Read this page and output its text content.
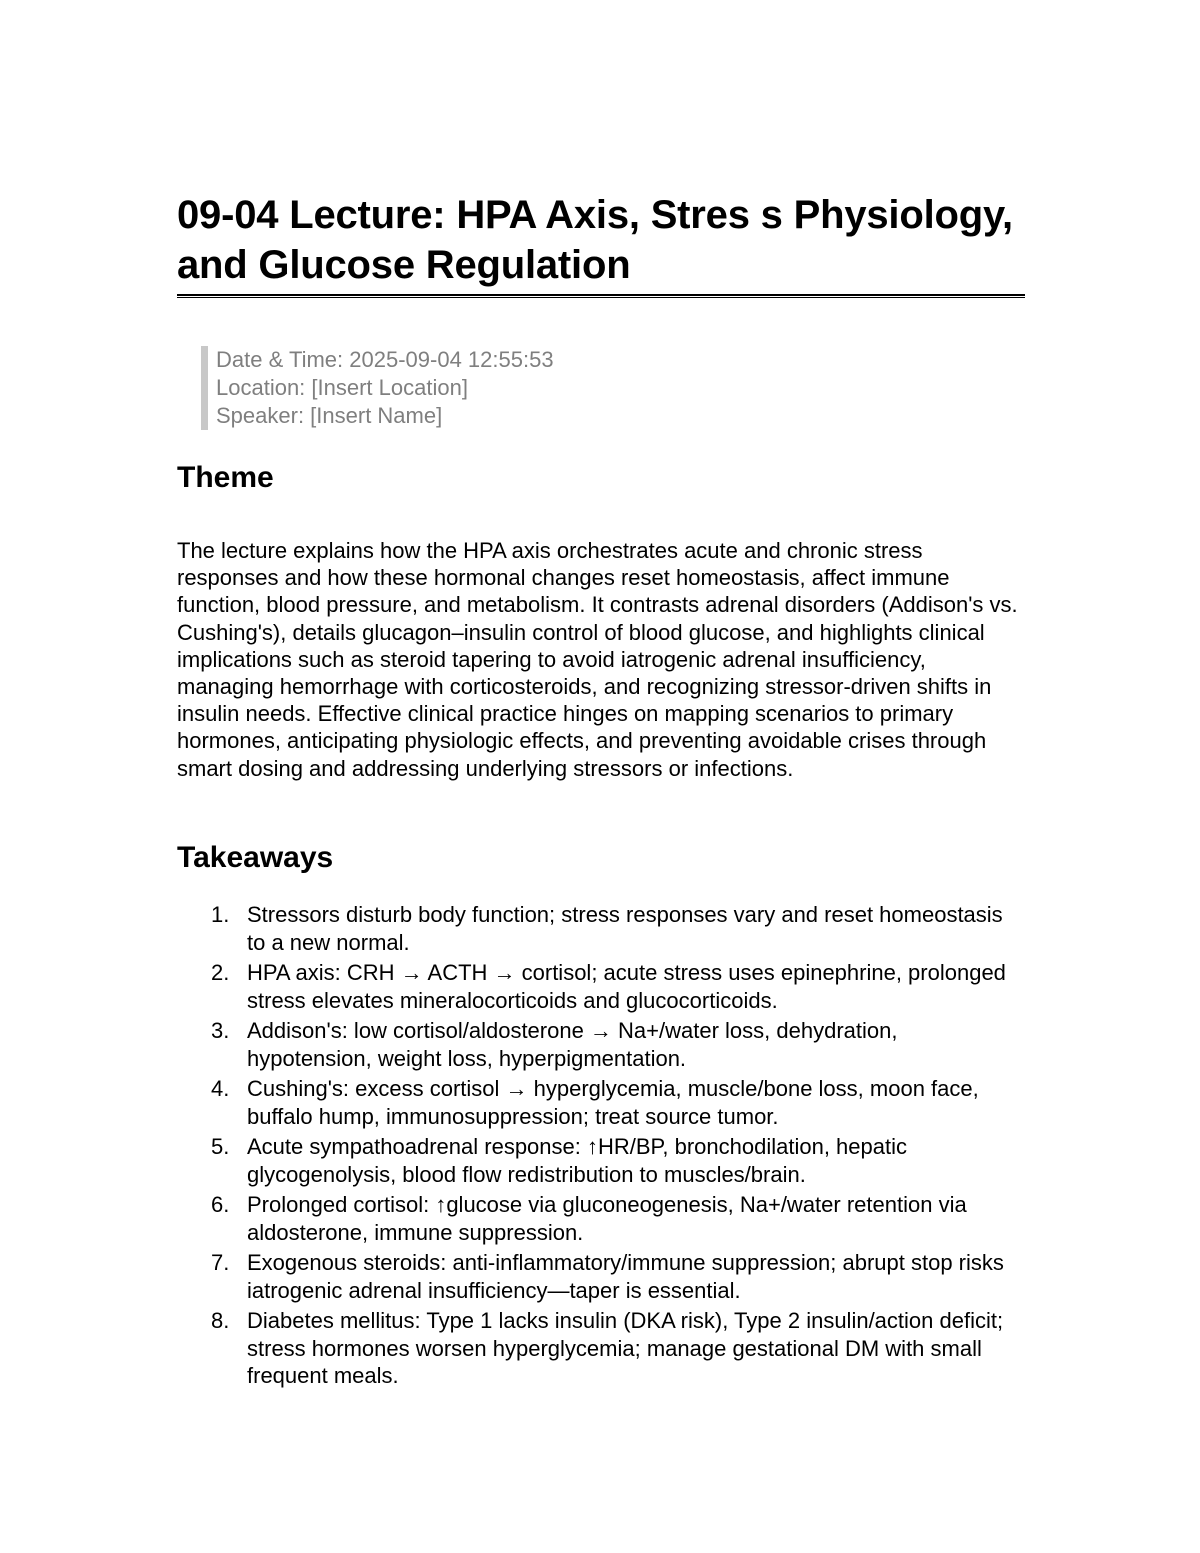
09-04 Lecture: HPA Axis, Stres s Physiology, and Glucose Regulation
Date & Time: 2025-09-04 12:55:53
Location: [Insert Location]
Speaker: [Insert Name]
Theme

The lecture explains how the HPA axis orchestrates acute and chronic stress responses and how these hormonal changes reset homeostasis, affect immune function, blood pressure, and metabolism. It contrasts adrenal disorders (Addison's vs. Cushing's), details glucagon–insulin control of blood glucose, and highlights clinical implications such as steroid tapering to avoid iatrogenic adrenal insufficiency, managing hemorrhage with corticosteroids, and recognizing stressor-driven shifts in insulin needs. Effective clinical practice hinges on mapping scenarios to primary hormones, anticipating physiologic effects, and preventing avoidable crises through smart dosing and addressing underlying stressors or infections.

Takeaways
1. Stressors disturb body function; stress responses vary and reset homeostasis to a new normal.
2. HPA axis: CRH → ACTH → cortisol; acute stress uses epinephrine, prolonged stress elevates mineralocorticoids and glucocorticoids.
3. Addison's: low cortisol/aldosterone → Na+/water loss, dehydration, hypotension, weight loss, hyperpigmentation.
4. Cushing's: excess cortisol → hyperglycemia, muscle/bone loss, moon face, buffalo hump, immunosuppression; treat source tumor.
5. Acute sympathoadrenal response: ↑HR/BP, bronchodilation, hepatic glycogenolysis, blood flow redistribution to muscles/brain.
6. Prolonged cortisol: ↑glucose via gluconeogenesis, Na+/water retention via aldosterone, immune suppression.
7. Exogenous steroids: anti-inflammatory/immune suppression; abrupt stop risks iatrogenic adrenal insufficiency—taper is essential.
8. Diabetes mellitus: Type 1 lacks insulin (DKA risk), Type 2 insulin/action deficit; stress hormones worsen hyperglycemia; manage gestational DM with small frequent meals.
